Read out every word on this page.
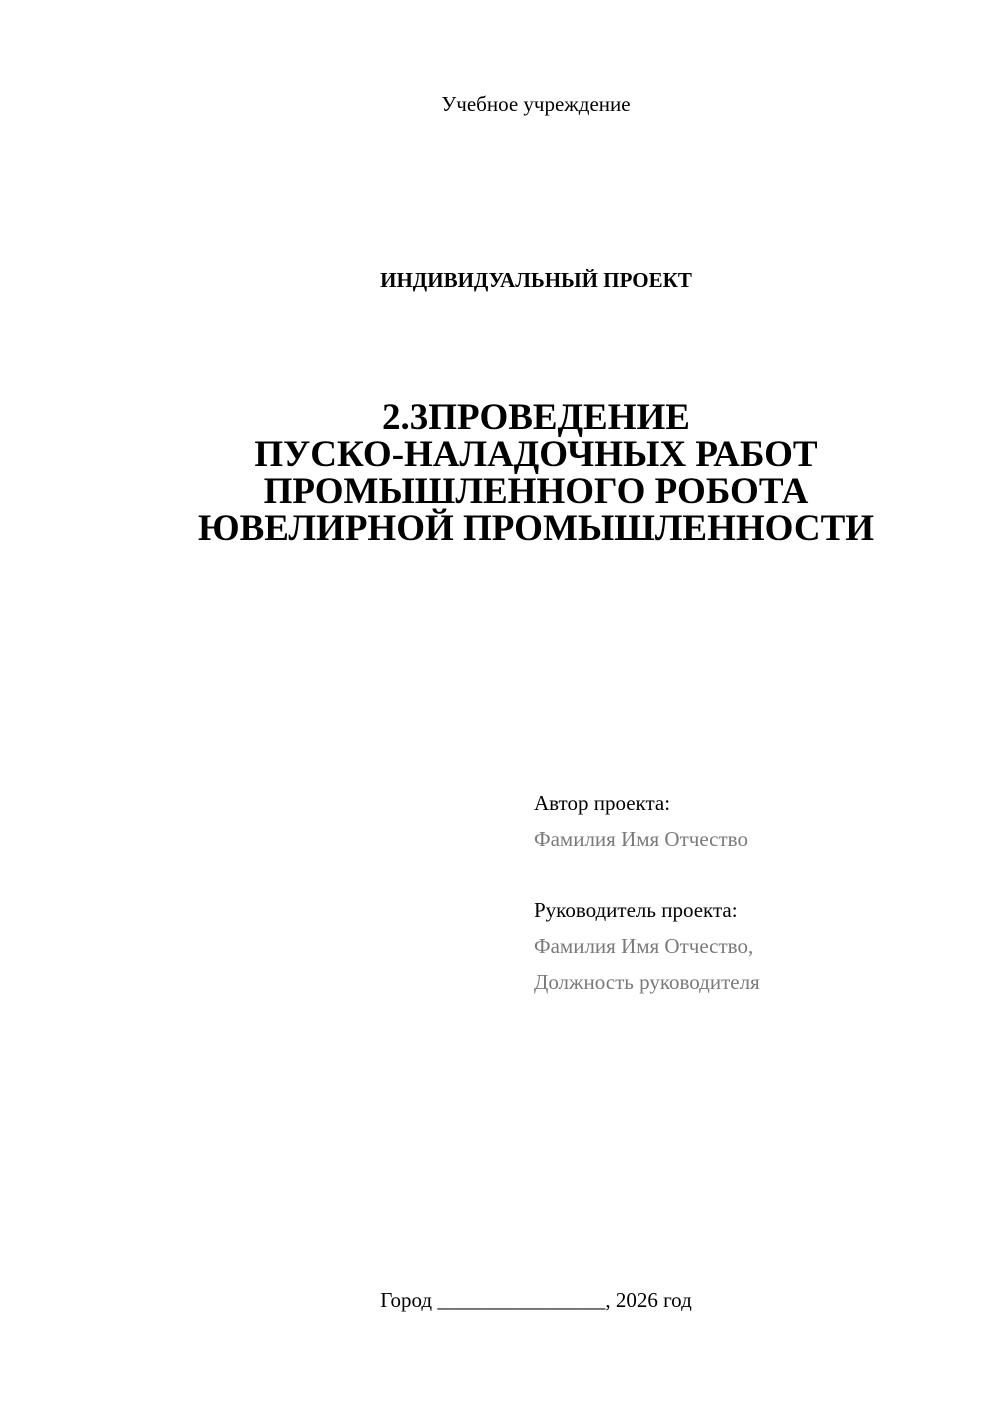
Учебное учреждение
ИНДИВИДУАЛЬНЫЙ ПРОЕКТ
2.3ПРОВЕДЕНИЕ
ПУСКО-НАЛАДОЧНЫХ РАБОТ
ПРОМЫШЛЕННОГО РОБОТА
ЮВЕЛИРНОЙ ПРОМЫШЛЕННОСТИ
Автор проекта:
Фамилия Имя Отчество
Руководитель проекта:
Фамилия Имя Отчество,
Должность руководителя
Город ________________, 2026 год
